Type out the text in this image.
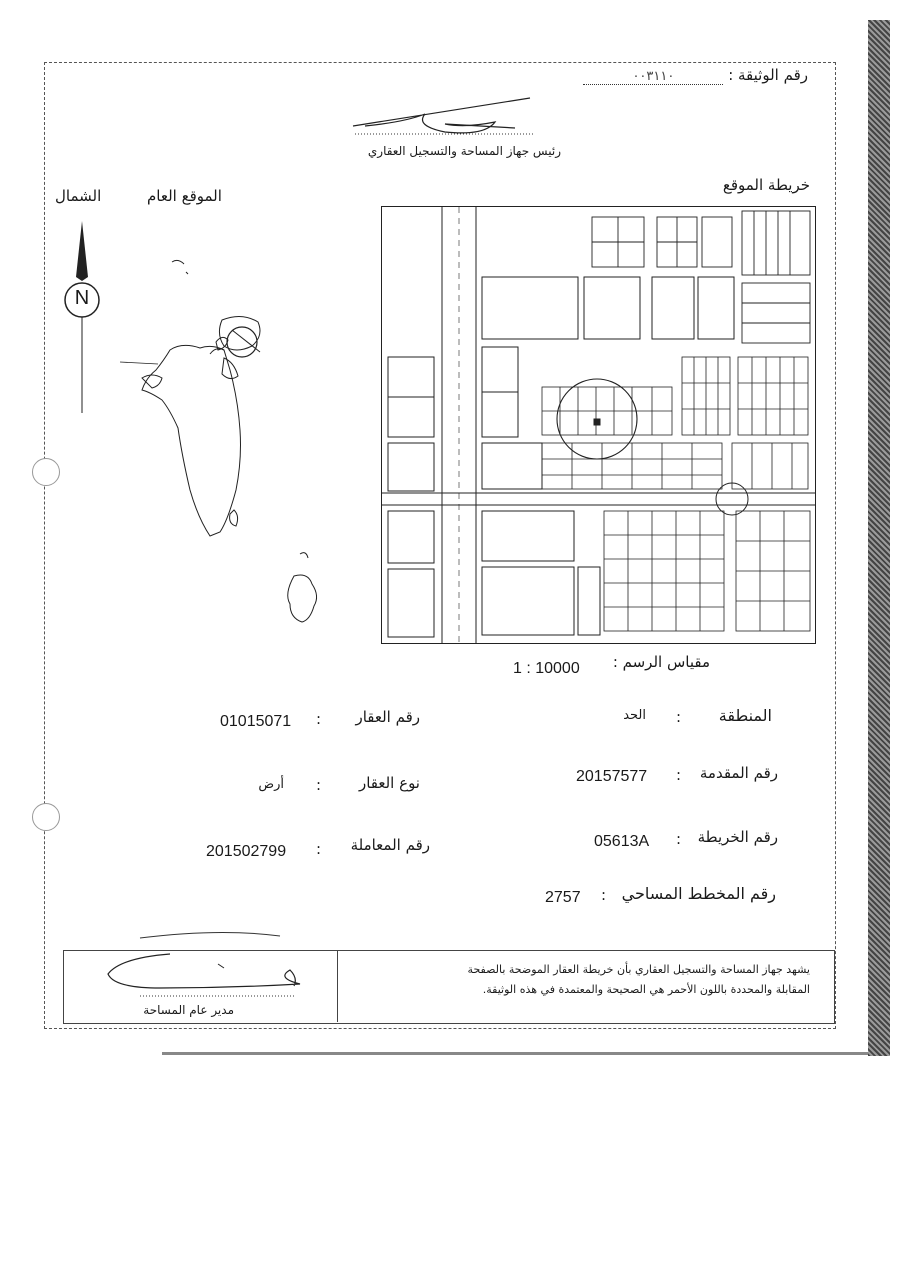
رقم الوثيقة : ٠٠٣١١٠
رئيس جهاز المساحة والتسجيل العقاري
خريطة الموقع
الموقع العام
الشمال
N
مقياس الرسم :
1 : 10000
المنطقة
:
الحد
رقم المقدمة
:
20157577
رقم الخريطة
:
05613A
رقم المخطط المساحي
:
2757
رقم العقار
:
01015071
نوع العقار
:
أرض
رقم المعاملة
:
201502799
يشهد جهاز المساحة والتسجيل العقاري بأن خريطة العقار الموضحة بالصفحة
المقابلة والمحددة باللون الأحمر هي الصحيحة والمعتمدة في هذه الوثيقة.
مدير عام المساحة
